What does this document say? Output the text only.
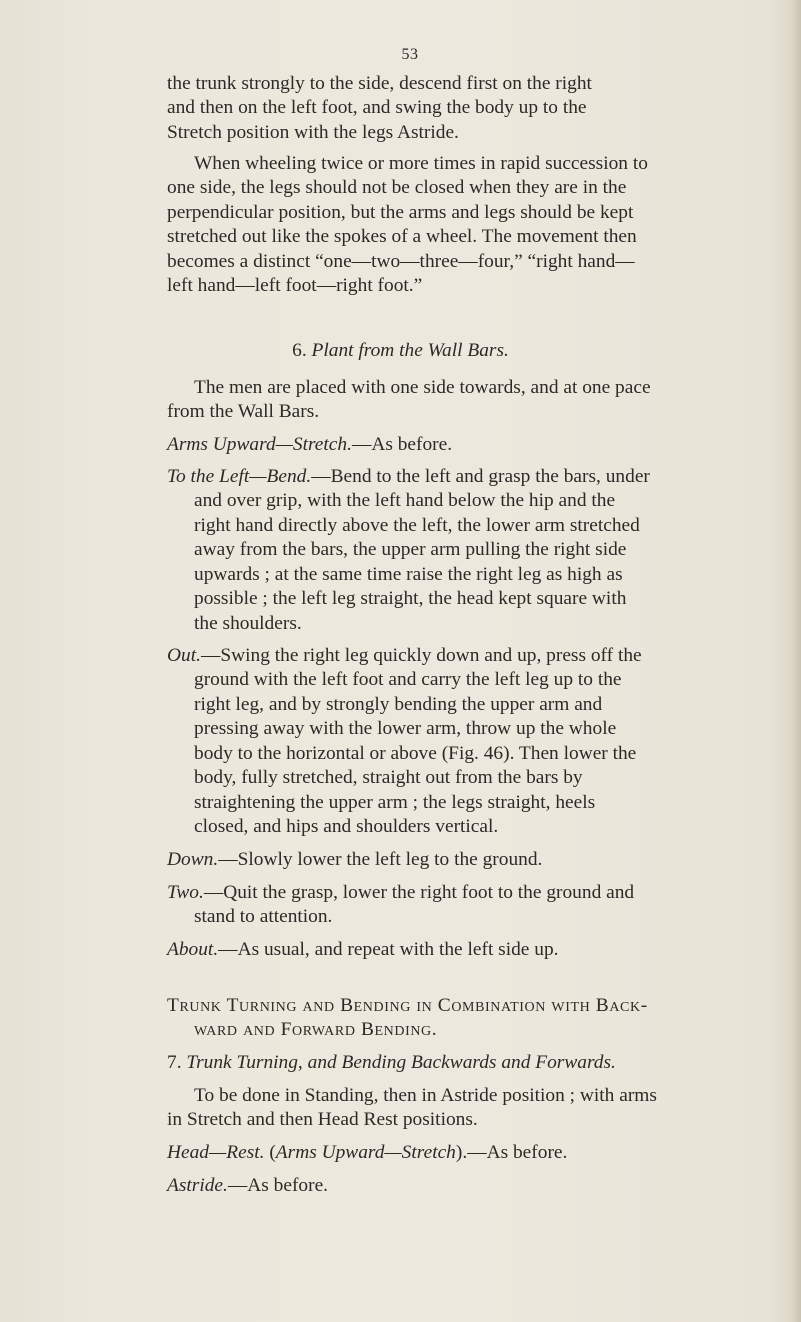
53

the trunk strongly to the side, descend first on the right

and then on the left foot, and swing the body up to the

Stretch position with the legs Astride.

When wheeling twice or more times in rapid succession to

one side, the legs should not be closed when they are in the

perpendicular position, but the arms and legs should be kept

stretched out like the spokes of a wheel. The movement then

becomes a distinct “one—two—three—four,” “right hand—

left hand—left foot—right foot.”

6. Plant from the Wall Bars.

The men are placed with one side towards, and at one pace

from the Wall Bars.

Arms Upward—Stretch.—As before.

To the Left—Bend.—Bend to the left and grasp the bars, under

and over grip, with the left hand below the hip and the

right hand directly above the left, the lower arm stretched

away from the bars, the upper arm pulling the right side

upwards ; at the same time raise the right leg as high as

possible ; the left leg straight, the head kept square with

the shoulders.

Out.—Swing the right leg quickly down and up, press off the

ground with the left foot and carry the left leg up to the

right leg, and by strongly bending the upper arm and

pressing away with the lower arm, throw up the whole

body to the horizontal or above (Fig. 46). Then lower the

body, fully stretched, straight out from the bars by

straightening the upper arm ; the legs straight, heels

closed, and hips and shoulders vertical.

Down.—Slowly lower the left leg to the ground.

Two.—Quit the grasp, lower the right foot to the ground and

stand to attention.

About.—As usual, and repeat with the left side up.

Trunk Turning and Bending in Combination with Back-

ward and Forward Bending.

7. Trunk Turning, and Bending Backwards and Forwards.

To be done in Standing, then in Astride position ; with arms

in Stretch and then Head Rest positions.

Head—Rest. (Arms Upward—Stretch).—As before.

Astride.—As before.
